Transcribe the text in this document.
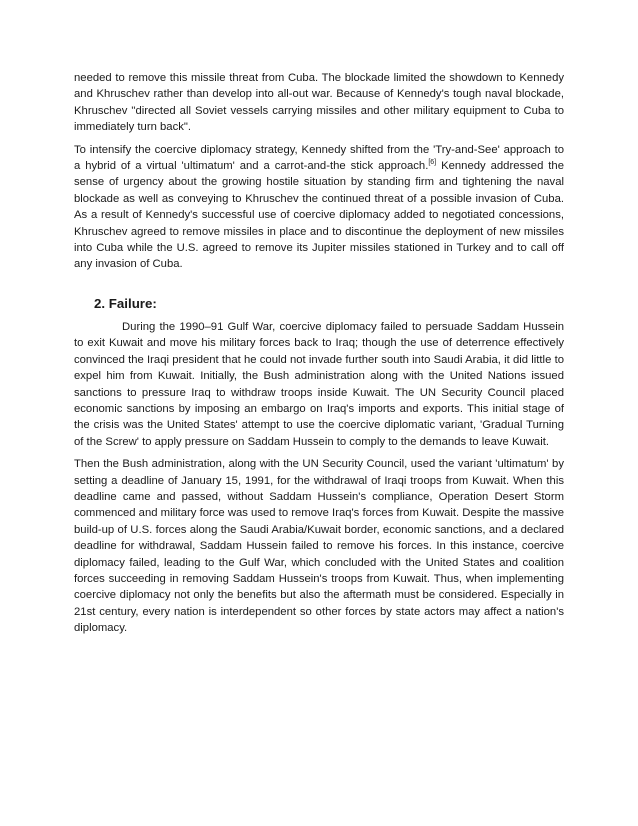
needed to remove this missile threat from Cuba. The blockade limited the showdown to Kennedy and Khruschev rather than develop into all-out war. Because of Kennedy's tough naval blockade, Khruschev "directed all Soviet vessels carrying missiles and other military equipment to Cuba to immediately turn back".

To intensify the coercive diplomacy strategy, Kennedy shifted from the 'Try-and-See' approach to a hybrid of a virtual 'ultimatum' and a carrot-and-the stick approach.[6] Kennedy addressed the sense of urgency about the growing hostile situation by standing firm and tightening the naval blockade as well as conveying to Khruschev the continued threat of a possible invasion of Cuba. As a result of Kennedy's successful use of coercive diplomacy added to negotiated concessions, Khruschev agreed to remove missiles in place and to discontinue the deployment of new missiles into Cuba while the U.S. agreed to remove its Jupiter missiles stationed in Turkey and to call off any invasion of Cuba.

2. Failure:

During the 1990–91 Gulf War, coercive diplomacy failed to persuade Saddam Hussein to exit Kuwait and move his military forces back to Iraq; though the use of deterrence effectively convinced the Iraqi president that he could not invade further south into Saudi Arabia, it did little to expel him from Kuwait. Initially, the Bush administration along with the United Nations issued sanctions to pressure Iraq to withdraw troops inside Kuwait. The UN Security Council placed economic sanctions by imposing an embargo on Iraq's imports and exports. This initial stage of the crisis was the United States' attempt to use the coercive diplomatic variant, 'Gradual Turning of the Screw' to apply pressure on Saddam Hussein to comply to the demands to leave Kuwait.

Then the Bush administration, along with the UN Security Council, used the variant 'ultimatum' by setting a deadline of January 15, 1991, for the withdrawal of Iraqi troops from Kuwait. When this deadline came and passed, without Saddam Hussein's compliance, Operation Desert Storm commenced and military force was used to remove Iraq's forces from Kuwait. Despite the massive build-up of U.S. forces along the Saudi Arabia/Kuwait border, economic sanctions, and a declared deadline for withdrawal, Saddam Hussein failed to remove his forces. In this instance, coercive diplomacy failed, leading to the Gulf War, which concluded with the United States and coalition forces succeeding in removing Saddam Hussein's troops from Kuwait. Thus, when implementing coercive diplomacy not only the benefits but also the aftermath must be considered. Especially in 21st century, every nation is interdependent so other forces by state actors may affect a nation's diplomacy.
